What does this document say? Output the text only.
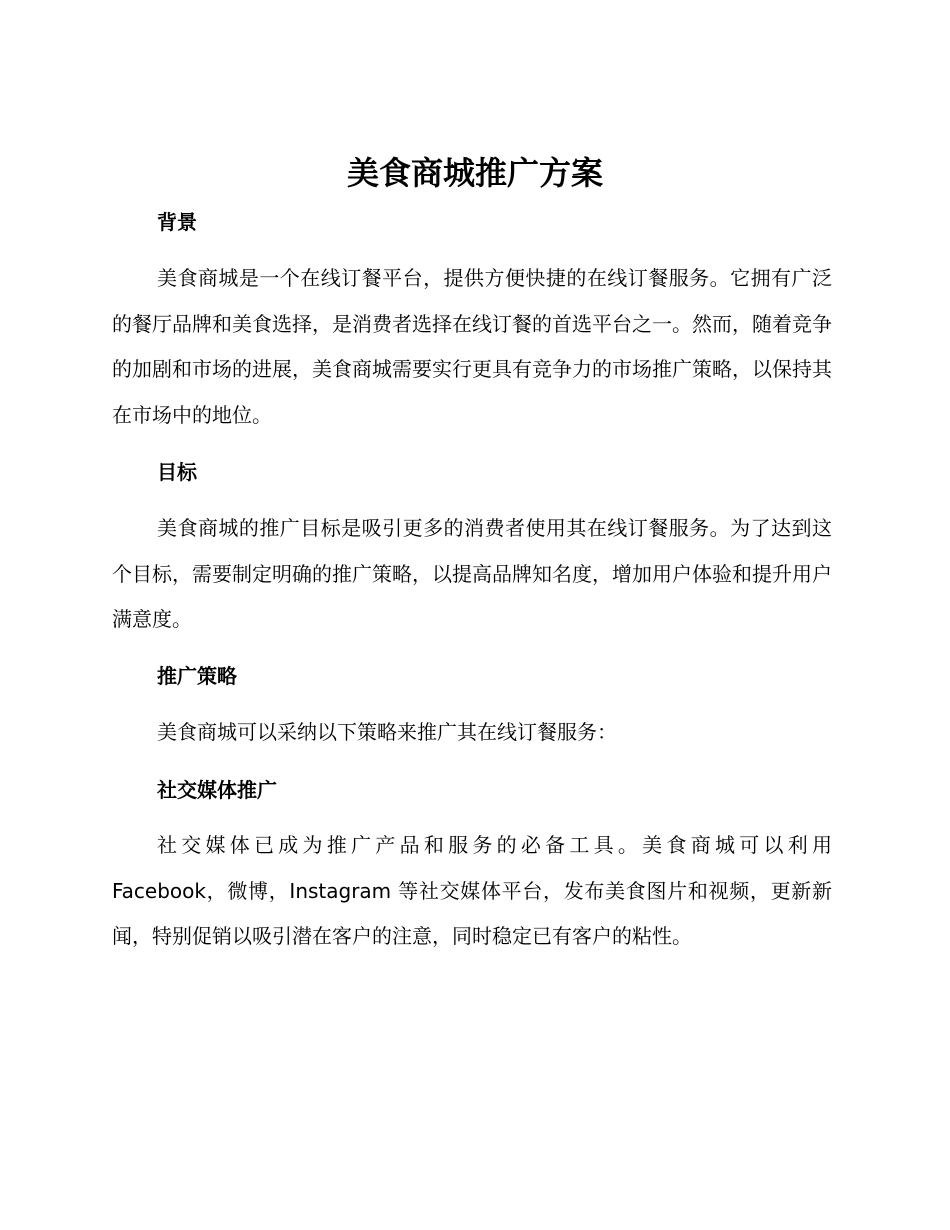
美食商城推广方案
背景

美食商城是一个在线订餐平台，提供方便快捷的在线订餐服务。它拥有广泛的餐厅品牌和美食选择，是消费者选择在线订餐的首选平台之一。然而，随着竞争的加剧和市场的进展，美食商城需要实行更具有竞争力的市场推广策略，以保持其在市场中的地位。

目标

美食商城的推广目标是吸引更多的消费者使用其在线订餐服务。为了达到这个目标，需要制定明确的推广策略，以提高品牌知名度，增加用户体验和提升用户满意度。

推广策略

美食商城可以采纳以下策略来推广其在线订餐服务：

社交媒体推广

社交媒体已成为推广产品和服务的必备工具。美食商城可以利用 Facebook，微博，Instagram 等社交媒体平台，发布美食图片和视频，更新新闻，特别促销以吸引潜在客户的注意，同时稳定已有客户的粘性。
